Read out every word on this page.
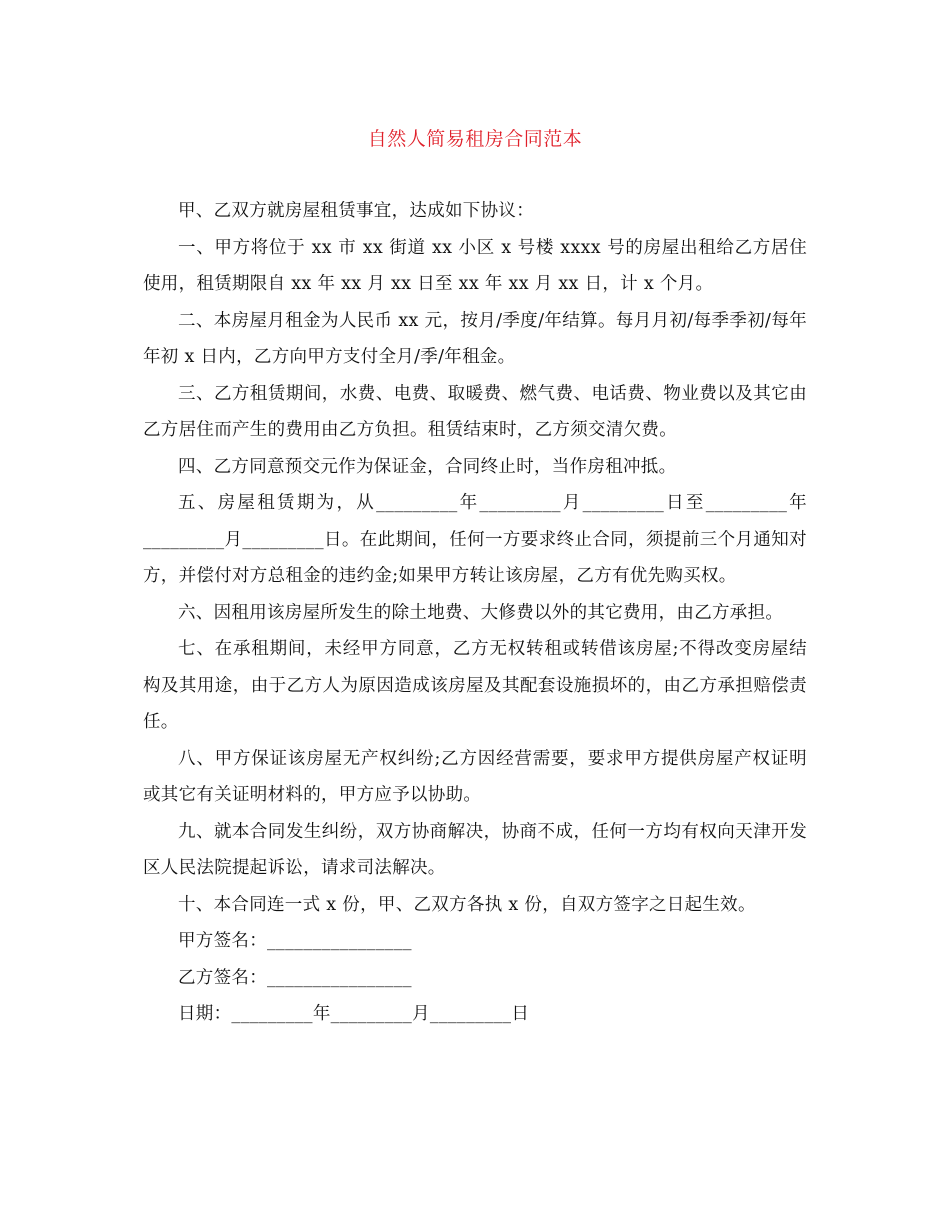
自然人简易租房合同范本

甲、乙双方就房屋租赁事宜，达成如下协议：

一、甲方将位于 xx 市 xx 街道 xx 小区 x 号楼 xxxx 号的房屋出租给乙方居住使用，租赁期限自 xx 年 xx 月 xx 日至 xx 年 xx 月 xx 日，计 x 个月。

二、本房屋月租金为人民币 xx 元，按月/季度/年结算。每月月初/每季季初/每年年初 x 日内，乙方向甲方支付全月/季/年租金。

三、乙方租赁期间，水费、电费、取暖费、燃气费、电话费、物业费以及其它由乙方居住而产生的费用由乙方负担。租赁结束时，乙方须交清欠费。

四、乙方同意预交元作为保证金，合同终止时，当作房租冲抵。

五、房屋租赁期为，从_________年_________月_________日至_________年_________月_________日。在此期间，任何一方要求终止合同，须提前三个月通知对方，并偿付对方总租金的违约金;如果甲方转让该房屋，乙方有优先购买权。

六、因租用该房屋所发生的除土地费、大修费以外的其它费用，由乙方承担。

七、在承租期间，未经甲方同意，乙方无权转租或转借该房屋;不得改变房屋结构及其用途，由于乙方人为原因造成该房屋及其配套设施损坏的，由乙方承担赔偿责任。

八、甲方保证该房屋无产权纠纷;乙方因经营需要，要求甲方提供房屋产权证明或其它有关证明材料的，甲方应予以协助。

九、就本合同发生纠纷，双方协商解决，协商不成，任何一方均有权向天津开发区人民法院提起诉讼，请求司法解决。

十、本合同连一式 x 份，甲、乙双方各执 x 份，自双方签字之日起生效。

甲方签名：________________

乙方签名：________________

日期：_________年_________月_________日
